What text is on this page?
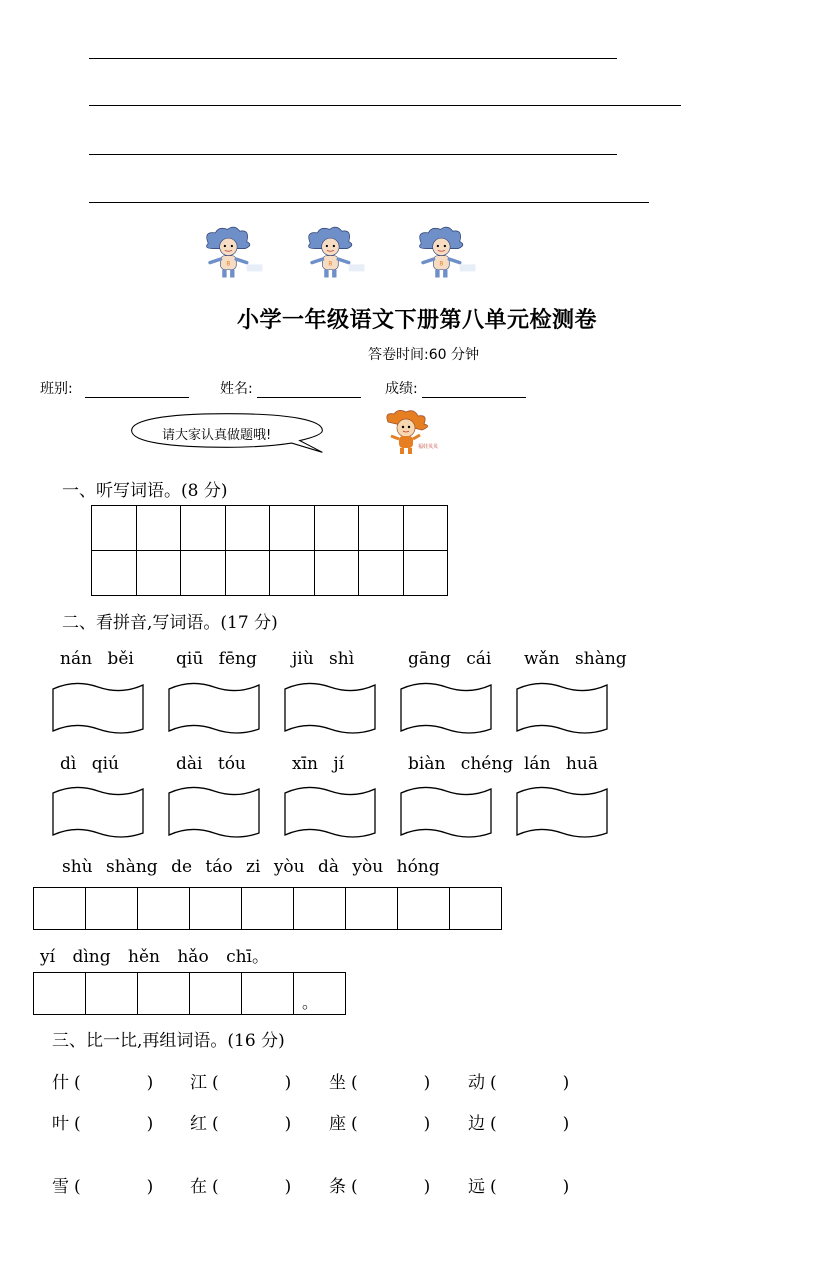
8	8	8
小学一年级语文下册第八单元检测卷
答卷时间:60 分钟
班别:	姓名:	成绩:
请大家认真做题哦!
福娃贝贝
一、听写词语。(8 分)

二、看拼音,写词语。(17 分)
nán běi qiū fēng jiù shì	gāng cái wǎn shàng
dì qiú	dài tóu	xīn jí	biàn chéng lán huā
shù shàng de táo zi yòu dà yòu hóng

yí dìng hěn hǎo chī。
					。
三、比一比,再组词语。(16 分)
什 (	) 江 (	) 坐 (	) 动 (	)
叶 (	) 红 (	) 座 (	) 边 (	)
雪 (	) 在 (	) 条 (	) 远 (	)
